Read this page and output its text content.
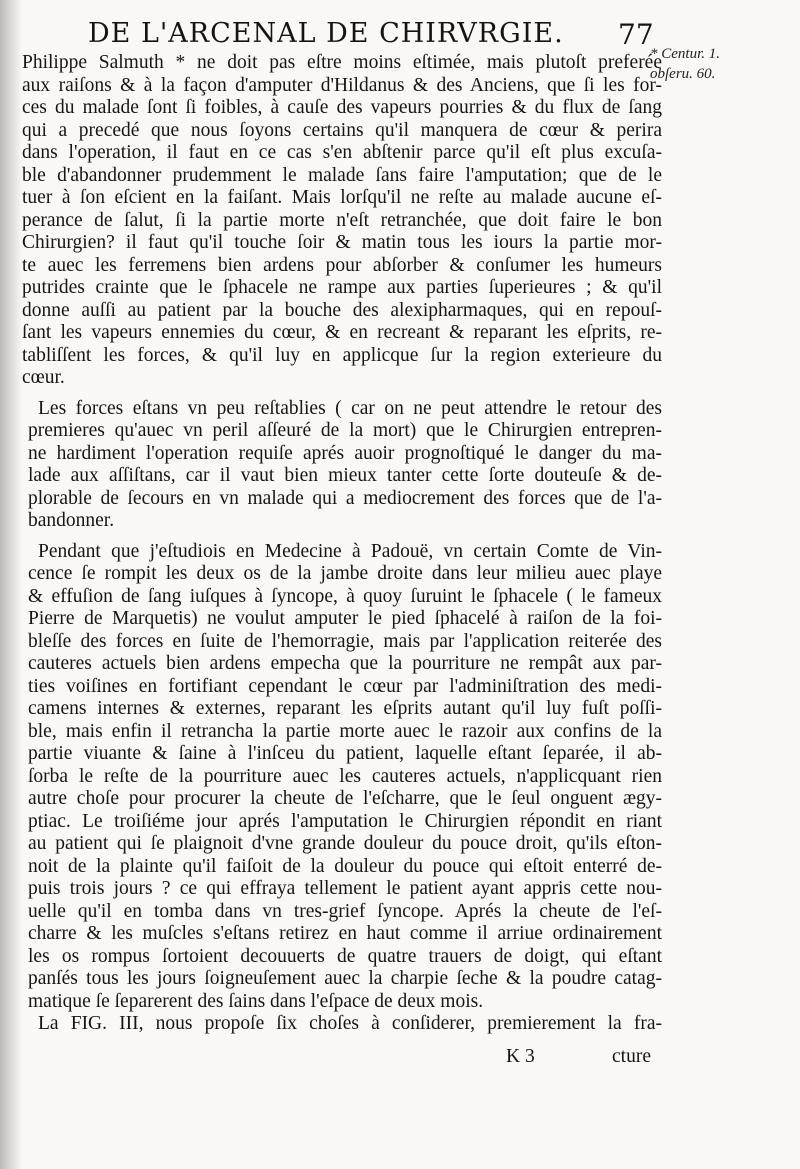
DE L'ARCENAL DE CHIRVRGIE.	77
* Centur. 1.
obſeru. 60.
Philippe Salmuth * ne doit pas eſtre moins eſtimée, mais plutoſt preferée
aux raiſons & à la façon d'amputer d'Hildanus & des Anciens, que ſi les for-
ces du malade ſont ſi foibles, à cauſe des vapeurs pourries & du flux de ſang
qui a precedé que nous ſoyons certains qu'il manquera de cœur & perira
dans l'operation, il faut en ce cas s'en abſtenir parce qu'il eſt plus excuſa-
ble d'abandonner prudemment le malade ſans faire l'amputation; que de le
tuer à ſon eſcient en la faiſant. Mais lorſqu'il ne reſte au malade aucune eſ-
perance de ſalut, ſi la partie morte n'eſt retranchée, que doit faire le bon
Chirurgien? il faut qu'il touche ſoir & matin tous les iours la partie mor-
te auec les ferremens bien ardens pour abſorber & conſumer les humeurs
putrides crainte que le ſphacele ne rampe aux parties ſuperieures ; & qu'il
donne auſſi au patient par la bouche des alexipharmaques, qui en repouſ-
ſant les vapeurs ennemies du cœur, & en recreant & reparant les eſprits, re-
tabliſſent les forces, & qu'il luy en applicque ſur la region exterieure du
cœur.
Les forces eſtans vn peu reſtablies ( car on ne peut attendre le retour des
premieres qu'auec vn peril aſſeuré de la mort) que le Chirurgien entrepren-
ne hardiment l'operation requiſe aprés auoir prognoſtiqué le danger du ma-
lade aux aſſiſtans, car il vaut bien mieux tanter cette ſorte douteuſe & de-
plorable de ſecours en vn malade qui a mediocrement des forces que de l'a-
bandonner.
Pendant que j'eſtudiois en Medecine à Padouë, vn certain Comte de Vin-
cence ſe rompit les deux os de la jambe droite dans leur milieu auec playe
& effuſion de ſang iuſques à ſyncope, à quoy ſuruint le ſphacele ( le fameux
Pierre de Marquetis) ne voulut amputer le pied ſphacelé à raiſon de la foi-
bleſſe des forces en ſuite de l'hemorragie, mais par l'application reiterée des
cauteres actuels bien ardens empecha que la pourriture ne rempât aux par-
ties voiſines en fortifiant cependant le cœur par l'adminiſtration des medi-
camens internes & externes, reparant les eſprits autant qu'il luy fuſt poſſi-
ble, mais enfin il retrancha la partie morte auec le razoir aux confins de la
partie viuante & ſaine à l'inſceu du patient, laquelle eſtant ſeparée, il ab-
ſorba le reſte de la pourriture auec les cauteres actuels, n'applicquant rien
autre choſe pour procurer la cheute de l'eſcharre, que le ſeul onguent ægy-
ptiac. Le troiſiéme jour aprés l'amputation le Chirurgien répondit en riant
au patient qui ſe plaignoit d'vne grande douleur du pouce droit, qu'ils eſton-
noit de la plainte qu'il faiſoit de la douleur du pouce qui eſtoit enterré de-
puis trois jours ? ce qui effraya tellement le patient ayant appris cette nou-
uelle qu'il en tomba dans vn tres-grief ſyncope. Aprés la cheute de l'eſ-
charre & les muſcles s'eſtans retirez en haut comme il arriue ordinairement
les os rompus ſortoient decouuerts de quatre trauers de doigt, qui eſtant
panſés tous les jours ſoigneuſement auec la charpie ſeche & la poudre catag-
matique ſe ſeparerent des ſains dans l'eſpace de deux mois.
La FIG. III, nous propoſe ſix choſes à conſiderer, premierement la fra-
K 3	cture
